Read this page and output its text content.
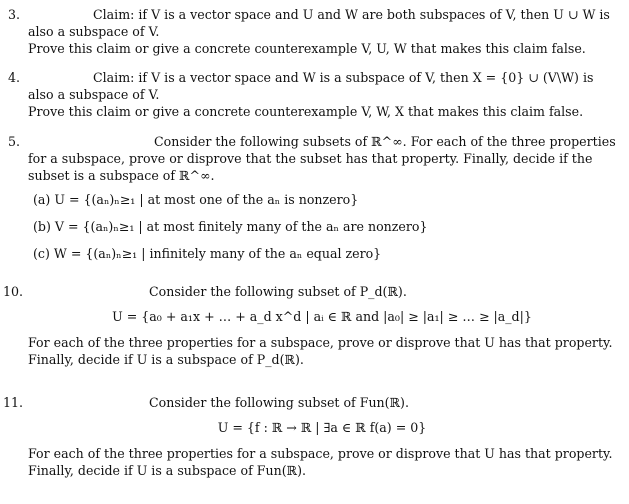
3.	Claim: if V is a vector space and U and W are both subspaces of V, then U ∪ W is also a subspace of V.

Prove this claim or give a concrete counterexample V, U, W that makes this claim false.

4.	Claim: if V is a vector space and W is a subspace of V, then X = {0} ∪ (V\W) is also a subspace of V.

Prove this claim or give a concrete counterexample V, W, X that makes this claim false.

5.	Consider the following subsets of ℝ^∞. For each of the three properties for a subspace, prove or disprove that the subset has that property. Finally, decide if the subset is a subspace of ℝ^∞.

(a) U = {(aₙ)ₙ≥₁ | at most one of the aₙ is nonzero}

(b) V = {(aₙ)ₙ≥₁ | at most finitely many of the aₙ are nonzero}

(c) W = {(aₙ)ₙ≥₁ | infinitely many of the aₙ equal zero}

10.	Consider the following subset of P_d(ℝ).

U = {a₀ + a₁x + … + a_d x^d | aᵢ ∈ ℝ and |a₀| ≥ |a₁| ≥ … ≥ |a_d|}

For each of the three properties for a subspace, prove or disprove that U has that property. Finally, decide if U is a subspace of P_d(ℝ).

11.	Consider the following subset of Fun(ℝ).

U = {f : ℝ → ℝ | ∃a ∈ ℝ f(a) = 0}

For each of the three properties for a subspace, prove or disprove that U has that property. Finally, decide if U is a subspace of Fun(ℝ).
